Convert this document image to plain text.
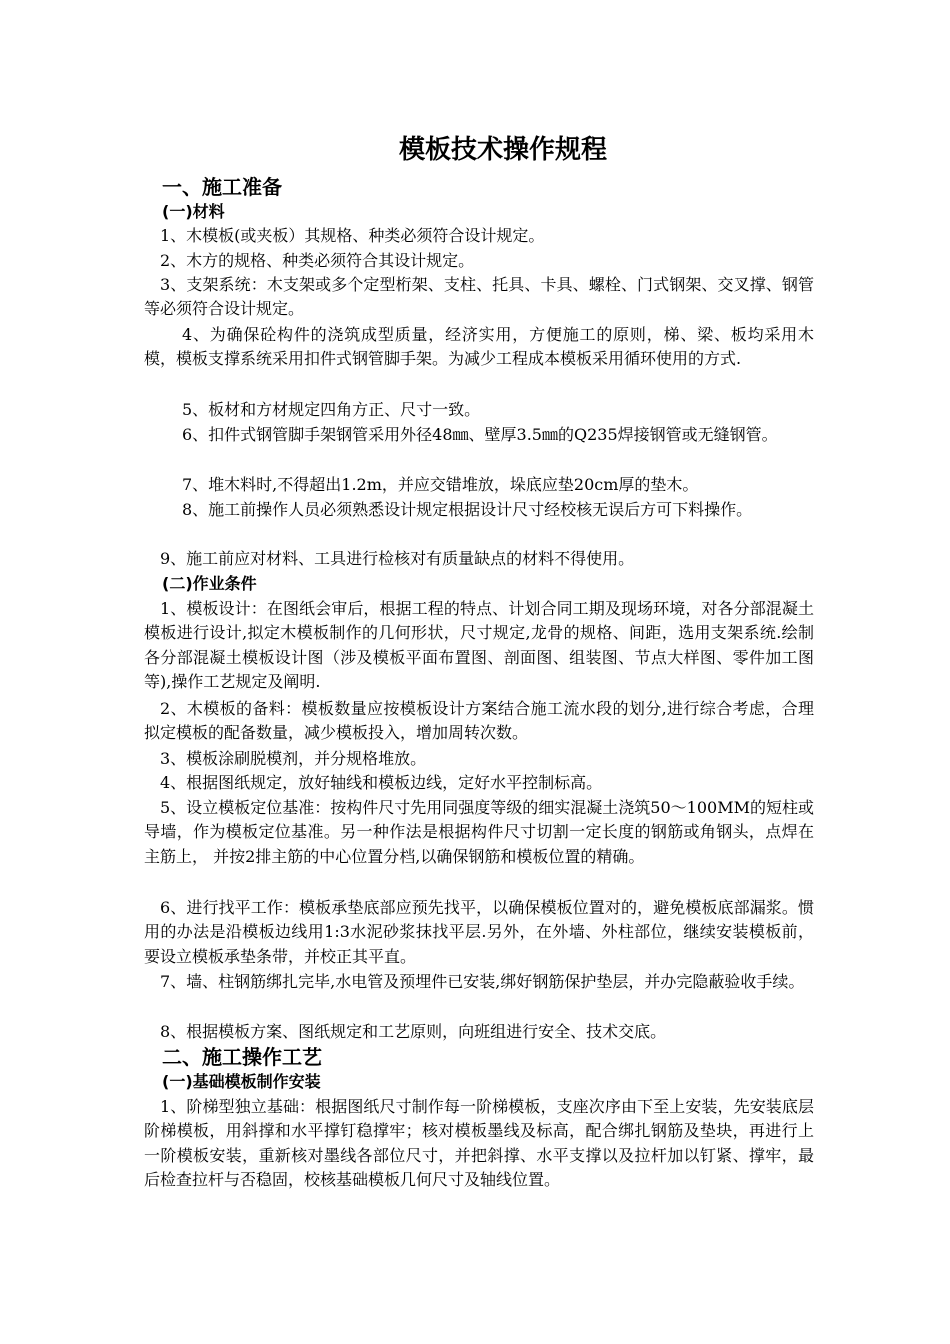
模板技术操作规程
一、施工准备
(一)材料
1、木模板(或夹板）其规格、种类必须符合设计规定。
2、木方的规格、种类必须符合其设计规定。
3、支架系统：木支架或多个定型桁架、支柱、托具、卡具、螺栓、门式钢架、交叉撑、钢管等必须符合设计规定。
4、为确保砼构件的浇筑成型质量，经济实用，方便施工的原则，梯、梁、板均采用木模，模板支撑系统采用扣件式钢管脚手架。为减少工程成本模板采用循环使用的方式.
5、板材和方材规定四角方正、尺寸一致。
6、扣件式钢管脚手架钢管采用外径48㎜、壁厚3.5㎜的Q235焊接钢管或无缝钢管。
7、堆木料时,不得超出1.2m，并应交错堆放，垛底应垫20cm厚的垫木。
8、施工前操作人员必须熟悉设计规定根据设计尺寸经校核无误后方可下料操作。
9、施工前应对材料、工具进行检核对有质量缺点的材料不得使用。
(二)作业条件
1、模板设计：在图纸会审后，根据工程的特点、计划合同工期及现场环境，对各分部混凝土模板进行设计,拟定木模板制作的几何形状，尺寸规定,龙骨的规格、间距，选用支架系统.绘制各分部混凝土模板设计图（涉及模板平面布置图、剖面图、组装图、节点大样图、零件加工图等),操作工艺规定及阐明.
2、木模板的备料：模板数量应按模板设计方案结合施工流水段的划分,进行综合考虑，合理拟定模板的配备数量，减少模板投入，增加周转次数。
3、模板涂刷脱模剂，并分规格堆放。
4、根据图纸规定，放好轴线和模板边线，定好水平控制标高。
5、设立模板定位基准：按构件尺寸先用同强度等级的细实混凝土浇筑50～100MM的短柱或导墙，作为模板定位基准。另一种作法是根据构件尺寸切割一定长度的钢筋或角钢头，点焊在主筋上， 并按2排主筋的中心位置分档,以确保钢筋和模板位置的精确。
6、进行找平工作：模板承垫底部应预先找平，以确保模板位置对的，避免模板底部漏浆。惯用的办法是沿模板边线用1:3水泥砂浆抹找平层.另外，在外墙、外柱部位，继续安装模板前，要设立模板承垫条带，并校正其平直。
7、墙、柱钢筋绑扎完毕,水电管及预埋件已安装,绑好钢筋保护垫层，并办完隐蔽验收手续。
8、根据模板方案、图纸规定和工艺原则，向班组进行安全、技术交底。
二、施工操作工艺
(一)基础模板制作安装
1、阶梯型独立基础：根据图纸尺寸制作每一阶梯模板，支座次序由下至上安装，先安装底层阶梯模板，用斜撑和水平撑钉稳撑牢；核对模板墨线及标高，配合绑扎钢筋及垫块，再进行上一阶模板安装，重新核对墨线各部位尺寸，并把斜撑、水平支撑以及拉杆加以钉紧、撑牢，最后检查拉杆与否稳固，校核基础模板几何尺寸及轴线位置。
